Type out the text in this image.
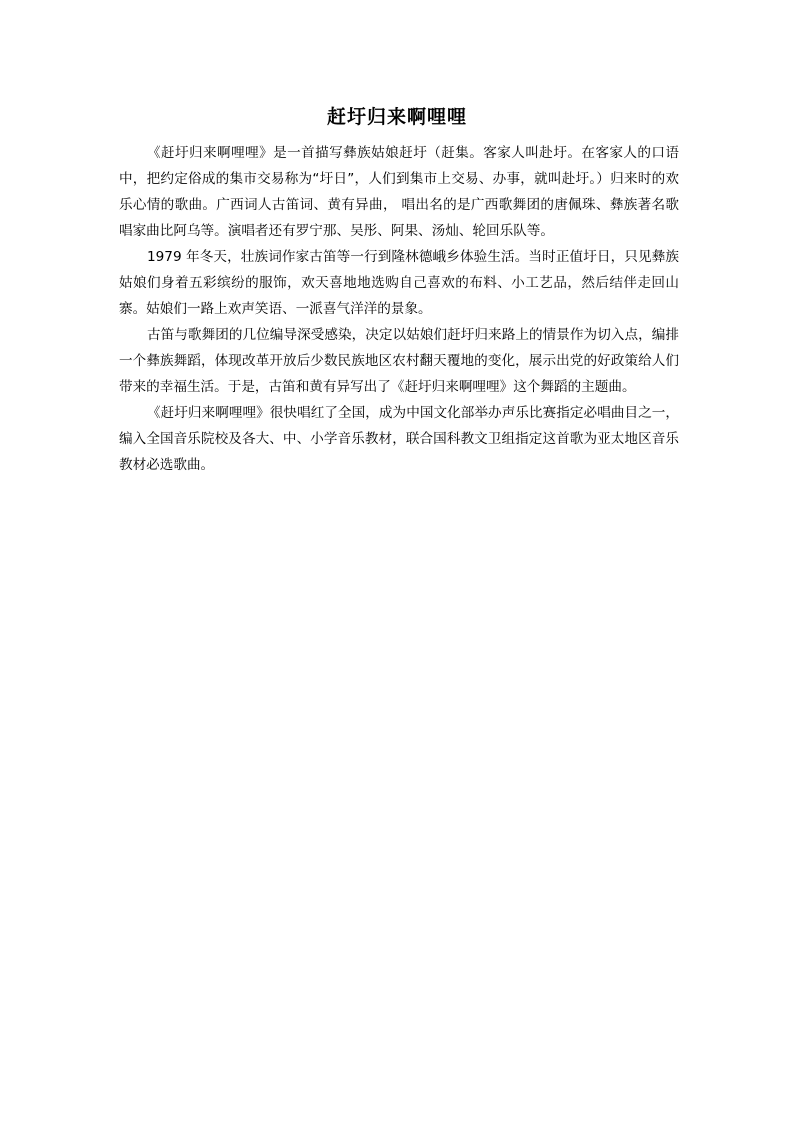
赶圩归来啊哩哩

《赶圩归来啊哩哩》是一首描写彝族姑娘赶圩（赶集。客家人叫赴圩。在客家人的口语中，把约定俗成的集市交易称为“圩日”，人们到集市上交易、办事，就叫赴圩。）归来时的欢乐心情的歌曲。广西词人古笛词、黄有异曲， 唱出名的是广西歌舞团的唐佩珠、彝族著名歌唱家曲比阿乌等。演唱者还有罗宁那、吴彤、阿果、汤灿、轮回乐队等。

1979 年冬天，壮族词作家古笛等一行到隆林德峨乡体验生活。当时正值圩日，只见彝族姑娘们身着五彩缤纷的服饰，欢天喜地地选购自己喜欢的布料、小工艺品，然后结伴走回山寨。姑娘们一路上欢声笑语、一派喜气洋洋的景象。

古笛与歌舞团的几位编导深受感染，决定以姑娘们赶圩归来路上的情景作为切入点，编排一个彝族舞蹈，体现改革开放后少数民族地区农村翻天覆地的变化，展示出党的好政策给人们带来的幸福生活。于是，古笛和黄有异写出了《赶圩归来啊哩哩》这个舞蹈的主题曲。

《赶圩归来啊哩哩》很快唱红了全国，成为中国文化部举办声乐比赛指定必唱曲目之一，编入全国音乐院校及各大、中、小学音乐教材，联合国科教文卫组指定这首歌为亚太地区音乐教材必选歌曲。
